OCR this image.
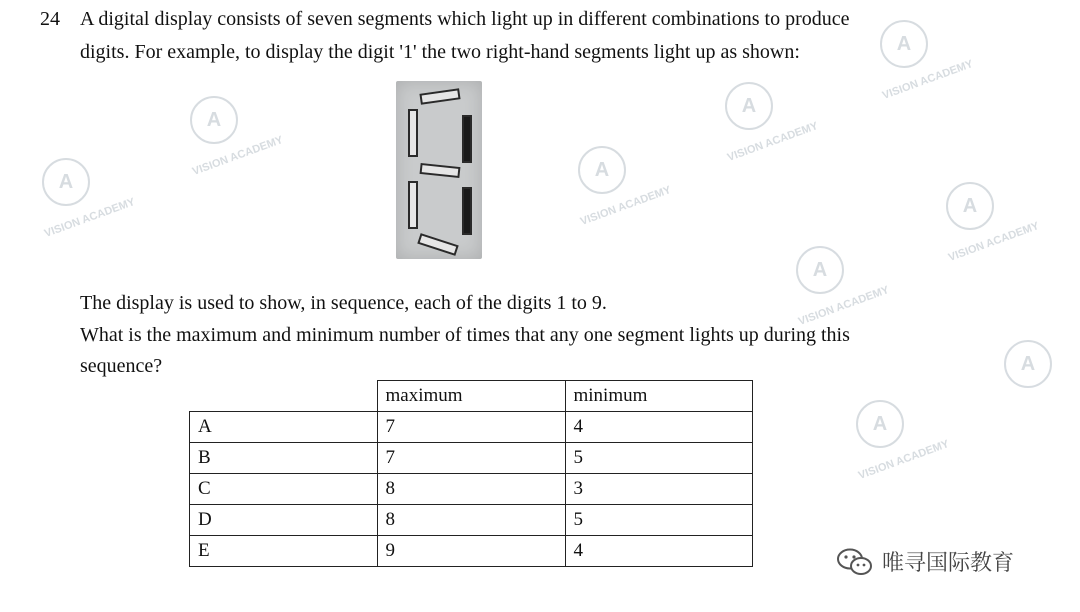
A
VISION ACADEMY
A
VISION ACADEMY
A
VISION ACADEMY
A
VISION ACADEMY
A
VISION ACADEMY
A
VISION ACADEMY
A
VISION ACADEMY
A
VISION ACADEMY
A
24 A digital display consists of seven segments which light up in different combinations to produce
digits. For example, to display the digit '1' the two right-hand segments light up as shown:
The display is used to show, in sequence, each of the digits 1 to 9.
What is the maximum and minimum number of times that any one segment lights up during this
sequence?
	maximum	minimum
A	7	4
B	7	5
C	8	3
D	8	5
E	9	4
唯寻国际教育
